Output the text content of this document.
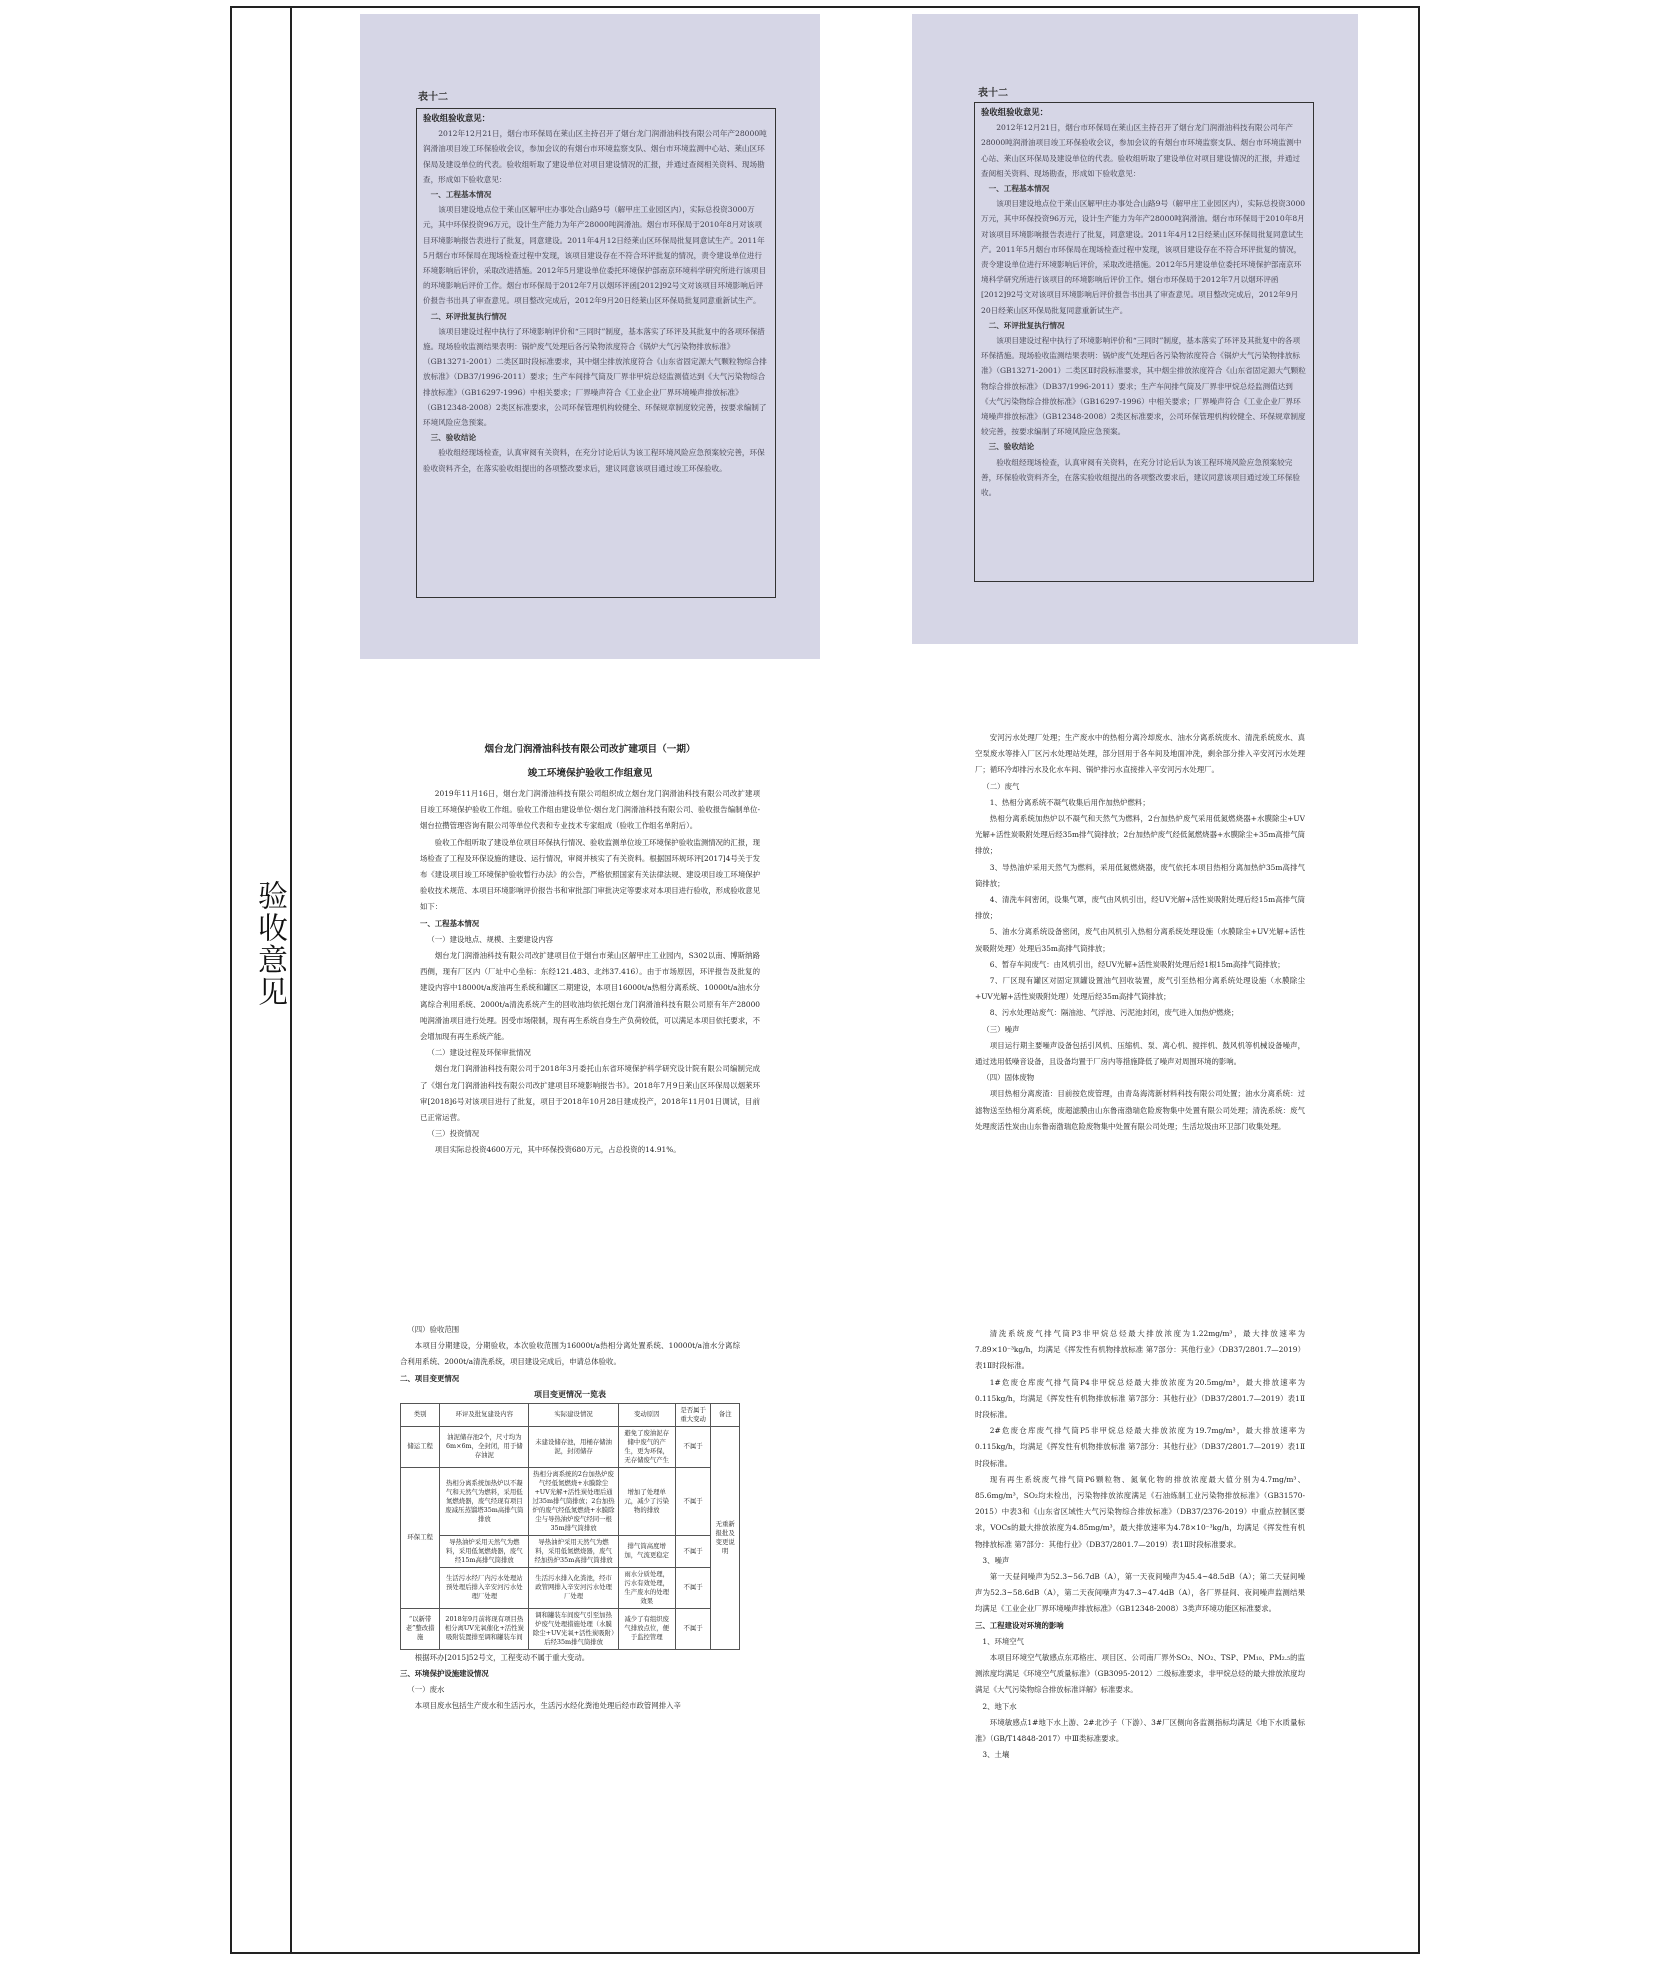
验收意见
表十二
验收组验收意见：

2012年12月21日，烟台市环保局在莱山区主持召开了烟台龙门润滑油科技有限公司年产28000吨润滑油项目竣工环保验收会议，参加会议的有烟台市环境监察支队、烟台市环境监测中心站、莱山区环保局及建设单位的代表。验收组听取了建设单位对项目建设情况的汇报，并通过查阅相关资料、现场勘查，形成如下验收意见：

一、工程基本情况

该项目建设地点位于莱山区解甲庄办事处合山路9号（解甲庄工业园区内），实际总投资3000万元，其中环保投资96万元，设计生产能力为年产28000吨润滑油。烟台市环保局于2010年8月对该项目环境影响报告表进行了批复，同意建设。2011年4月12日经莱山区环保局批复同意试生产。2011年5月烟台市环保局在现场检查过程中发现，该项目建设存在不符合环评批复的情况，责令建设单位进行环境影响后评价，采取改进措施。2012年5月建设单位委托环境保护部南京环境科学研究所进行该项目的环境影响后评价工作。烟台市环保局于2012年7月以烟环评函[2012]92号文对该项目环境影响后评价报告书出具了审查意见。项目整改完成后，2012年9月20日经莱山区环保局批复同意重新试生产。

二、环评批复执行情况

该项目建设过程中执行了环境影响评价和“三同时”制度，基本落实了环评及其批复中的各项环保措施。现场验收监测结果表明：锅炉废气处理后各污染物浓度符合《锅炉大气污染物排放标准》（GB13271-2001）二类区Ⅱ时段标准要求，其中烟尘排放浓度符合《山东省固定源大气颗粒物综合排放标准》（DB37/1996-2011）要求；生产车间排气筒及厂界非甲烷总烃监测值达到《大气污染物综合排放标准》（GB16297-1996）中相关要求；厂界噪声符合《工业企业厂界环境噪声排放标准》（GB12348-2008）2类区标准要求，公司环保管理机构较健全、环保规章制度较完善，按要求编制了环境风险应急预案。

三、验收结论

验收组经现场检查，认真审阅有关资料，在充分讨论后认为该工程环境风险应急预案较完善，环保验收资料齐全，在落实验收组提出的各项整改要求后，建议同意该项目通过竣工环保验收。

表十二
验收组验收意见：

2012年12月21日，烟台市环保局在莱山区主持召开了烟台龙门润滑油科技有限公司年产28000吨润滑油项目竣工环保验收会议，参加会议的有烟台市环境监察支队、烟台市环境监测中心站、莱山区环保局及建设单位的代表。验收组听取了建设单位对项目建设情况的汇报，并通过查阅相关资料、现场勘查，形成如下验收意见：

一、工程基本情况

该项目建设地点位于莱山区解甲庄办事处合山路9号（解甲庄工业园区内），实际总投资3000万元，其中环保投资96万元，设计生产能力为年产28000吨润滑油。烟台市环保局于2010年8月对该项目环境影响报告表进行了批复，同意建设。2011年4月12日经莱山区环保局批复同意试生产。2011年5月烟台市环保局在现场检查过程中发现，该项目建设存在不符合环评批复的情况，责令建设单位进行环境影响后评价，采取改进措施。2012年5月建设单位委托环境保护部南京环境科学研究所进行该项目的环境影响后评价工作。烟台市环保局于2012年7月以烟环评函[2012]92号文对该项目环境影响后评价报告书出具了审查意见。项目整改完成后，2012年9月20日经莱山区环保局批复同意重新试生产。

二、环评批复执行情况

该项目建设过程中执行了环境影响评价和“三同时”制度，基本落实了环评及其批复中的各项环保措施。现场验收监测结果表明：锅炉废气处理后各污染物浓度符合《锅炉大气污染物排放标准》（GB13271-2001）二类区Ⅱ时段标准要求，其中烟尘排放浓度符合《山东省固定源大气颗粒物综合排放标准》（DB37/1996-2011）要求；生产车间排气筒及厂界非甲烷总烃监测值达到《大气污染物综合排放标准》（GB16297-1996）中相关要求；厂界噪声符合《工业企业厂界环境噪声排放标准》（GB12348-2008）2类区标准要求，公司环保管理机构较健全、环保规章制度较完善，按要求编制了环境风险应急预案。

三、验收结论

验收组经现场检查，认真审阅有关资料，在充分讨论后认为该工程环境风险应急预案较完善，环保验收资料齐全，在落实验收组提出的各项整改要求后，建议同意该项目通过竣工环保验收。

烟台龙门润滑油科技有限公司改扩建项目（一期）

竣工环境保护验收工作组意见

2019年11月16日，烟台龙门润滑油科技有限公司组织成立烟台龙门润滑油科技有限公司改扩建项目竣工环境保护验收工作组。验收工作组由建设单位-烟台龙门润滑油科技有限公司、验收报告编制单位-烟台拉攒管理咨询有限公司等单位代表和专业技术专家组成（验收工作组名单附后）。

验收工作组听取了建设单位项目环保执行情况、验收监测单位竣工环境保护验收监测情况的汇报，现场检查了工程及环保设施的建设、运行情况，审阅并核实了有关资料。根据国环规环评[2017]4号关于发布《建设项目竣工环境保护验收暂行办法》的公告，严格依照国家有关法律法规、建设项目竣工环境保护验收技术规范、本项目环境影响评价报告书和审批部门审批决定等要求对本项目进行验收，形成验收意见如下：

一、工程基本情况

（一）建设地点、规模、主要建设内容

烟台龙门润滑油科技有限公司改扩建项目位于烟台市莱山区解甲庄工业园内，S302以南、博斯纳路西侧，现有厂区内（厂址中心坐标：东经121.483、北纬37.416）。由于市场原因，环评报告及批复的建设内容中18000t/a废油再生系统和罐区二期建设，本项目16000t/a热相分离系统、10000t/a油水分离综合利用系统、2000t/a清洗系统产生的回收油均依托烟台龙门润滑油科技有限公司原有年产28000吨润滑油项目进行处理。因受市场限制，现有再生系统自身生产负荷较低，可以满足本项目依托要求，不会增加现有再生系统产能。

（二）建设过程及环保审批情况

烟台龙门润滑油科技有限公司于2018年3月委托山东省环境保护科学研究设计院有限公司编制完成了《烟台龙门润滑油科技有限公司改扩建项目环境影响报告书》。2018年7月9日莱山区环保局以烟莱环审[2018]6号对该项目进行了批复，项目于2018年10月28日建成投产，2018年11月01日调试，目前已正常运营。

（三）投资情况

项目实际总投资4600万元，其中环保投资680万元，占总投资的14.91%。

安河污水处理厂处理；生产废水中的热相分离冷却废水、油水分离系统废水、清洗系统废水、真空泵废水等排入厂区污水处理站处理，部分回用于各车间及地面冲洗，剩余部分排入辛安河污水处理厂；循环冷却排污水及化水车间、锅炉排污水直接排入辛安河污水处理厂。

（二）废气

1、热相分离系统不凝气收集后用作加热炉燃料；

热相分离系统加热炉以不凝气和天然气为燃料，2台加热炉废气采用低氮燃烧器+水膜除尘+UV光解+活性炭吸附处理后经35m排气筒排放；2台加热炉废气经低氮燃烧器+水膜除尘+35m高排气筒排放；

3、导热油炉采用天然气为燃料，采用低氮燃烧器，废气依托本项目热相分离加热炉35m高排气筒排放；

4、清洗车间密闭，设集气罩，废气由风机引出，经UV光解+活性炭吸附处理后经15m高排气筒排放；

5、油水分离系统设备密闭，废气由风机引入热相分离系统处理设施（水膜除尘+UV光解+活性炭吸附处理）处理后35m高排气筒排放；

6、暂存车间废气：由风机引出，经UV光解+活性炭吸附处理后经1根15m高排气筒排放；

7、厂区现有罐区对固定顶罐设置油气回收装置，废气引至热相分离系统处理设施（水膜除尘+UV光解+活性炭吸附处理）处理后经35m高排气筒排放；

8、污水处理站废气：隔油池、气浮池、污泥池封闭，废气进入加热炉燃烧；

（三）噪声

项目运行期主要噪声设备包括引风机、压缩机、泵、离心机、搅拌机、鼓风机等机械设备噪声，通过选用低噪音设备，且设备均置于厂房内等措施降低了噪声对周围环境的影响。

（四）固体废物

项目热相分离废渣：目前按危废管理，由青岛海湾新材料科技有限公司处置；油水分离系统：过滤物送至热相分离系统，废超滤膜由山东鲁南渤瑞危险废物集中处置有限公司处理；清洗系统：废气处理废活性炭由山东鲁南渤瑞危险废物集中处置有限公司处理；生活垃圾由环卫部门收集处理。

（四）验收范围

本项目分期建设，分期验收，本次验收范围为16000t/a热相分离处置系统、10000t/a油水分离综合利用系统、2000t/a清洗系统，项目建设完成后，申请总体验收。

二、项目变更情况

项目变更情况一览表
类别	环评及批复建设内容	实际建设情况	变动原因	是否属于重大变动	备注
储运工程	油泥储存池2个，尺寸均为6m×6m，全封闭，用于储存油泥	未建设储存池，用桶存储油泥，封闭储存	避免了废油泥存储中废气的产生，更为环保，无存储废气产生	不属于	无重新报批及变更说明
环保工程	热相分离系统加热炉以不凝气和天然气为燃料，采用低氮燃烧器，废气经现有项目废减压蒸馏塔35m高排气筒排放	热相分离系统的2台加热炉废气经低氮燃烧+水膜除尘+UV光解+活性炭处理后通过35m排气筒排放；2台加热炉的废气经低氮燃烧+水膜除尘与导热油炉废气经同一根35m排气筒排放	增加了处理单元，减少了污染物的排放	不属于	
	导热油炉采用天然气为燃料，采用低氮燃烧器，废气经15m高排气筒排放	导热油炉采用天然气为燃料，采用低氮燃烧器，废气经加热炉35m高排气筒排放	排气筒高度增加，气流更稳定	不属于	
	生活污水经厂内污水处理站预处理后排入辛安河污水处理厂处理	生活污水排入化粪池，经市政管网排入辛安河污水处理厂处理	雨水分质处理，污水有效处理，生产废水的处理效果	不属于	
“以新带老”整改措施	2018年9月前将现有项目热相分离UV光氧催化+活性炭吸附装置排至调和罐装车间	调和罐装车间废气引至加热炉废气处理措施处理（水膜除尘+UV光氧+活性炭吸附）后经35m排气筒排放	减少了有组织废气排放点位，便于监控管理	不属于	

根据环办[2015]52号文，工程变动不属于重大变动。

三、环境保护设施建设情况

（一）废水

本项目废水包括生产废水和生活污水，生活污水经化粪池处理后经市政管网排入辛

清洗系统废气排气筒P3非甲烷总烃最大排放浓度为1.22mg/m³，最大排放速率为7.89×10⁻³kg/h，均满足《挥发性有机物排放标准 第7部分：其他行业》（DB37/2801.7—2019）表1Ⅱ时段标准。

1#危废仓库废气排气筒P4非甲烷总烃最大排放浓度为20.5mg/m³，最大排放速率为0.115kg/h，均满足《挥发性有机物排放标准 第7部分：其他行业》（DB37/2801.7—2019）表1Ⅱ时段标准。

2#危废仓库废气排气筒P5非甲烷总烃最大排放浓度为19.7mg/m³，最大排放速率为0.115kg/h，均满足《挥发性有机物排放标准 第7部分：其他行业》（DB37/2801.7—2019）表1Ⅱ时段标准。

现有再生系统废气排气筒P6颗粒物、氮氧化物的排放浓度最大值分别为4.7mg/m³、85.6mg/m³，SO₂均未检出，污染物排放浓度满足《石油炼制工业污染物排放标准》（GB31570-2015）中表3和《山东省区域性大气污染物综合排放标准》（DB37/2376-2019）中重点控制区要求，VOCs的最大排放浓度为4.85mg/m³，最大排放速率为4.78×10⁻³kg/h，均满足《挥发性有机物排放标准 第7部分：其他行业》（DB37/2801.7—2019）表1Ⅱ时段标准要求。

3、噪声

第一天昼间噪声为52.3~56.7dB（A），第一天夜间噪声为45.4~48.5dB（A）；第二天昼间噪声为52.3~58.6dB（A），第二天夜间噪声为47.3~47.4dB（A），各厂界昼间、夜间噪声监测结果均满足《工业企业厂界环境噪声排放标准》（GB12348-2008）3类声环境功能区标准要求。

三、工程建设对环境的影响

1、环境空气

本项目环境空气敏感点东邓格庄、项目区、公司南厂界外SO₂、NO₂、TSP、PM₁₀、PM₂.₅的监测浓度均满足《环境空气质量标准》（GB3095-2012）二级标准要求，非甲烷总烃的最大排放浓度均满足《大气污染物综合排放标准详解》标准要求。

2、地下水

环境敏感点1#地下水上游、2#北沙子（下游）、3#厂区侧向各监测指标均满足《地下水质量标准》（GB/T14848-2017）中Ⅲ类标准要求。

3、土壤
